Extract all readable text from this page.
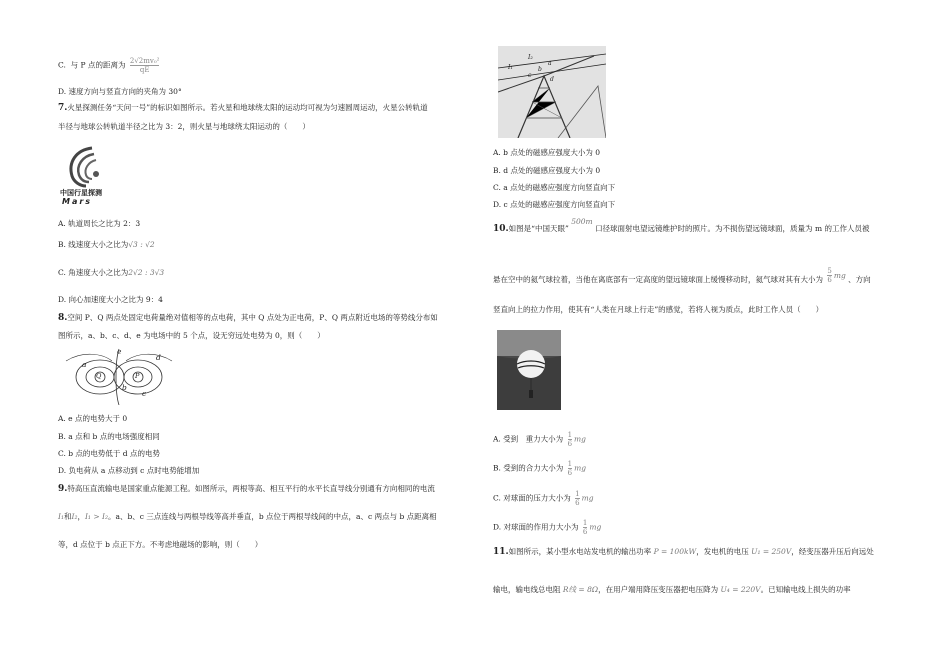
C. 与 P 点的距离为 $\frac{\text{2√2mv₀²}}{qE}$
D. 速度方向与竖直方向的夹角为 30°
7.火星探测任务“天问一号”的标识如图所示。若火星和地球绕太阳的运动均可视为匀速圆周运动，火星公转轨道
半径与地球公转轨道半径之比为 3：2，则火星与地球绕太阳运动的（　　）
中国行星探测
Mars
A. 轨道周长之比为 2：3
B. 线速度大小之比为√3 : √2
C. 角速度大小之比为2√2 : 3√3
D. 向心加速度大小之比为 9：4
8.空间 P、Q 两点处固定电荷量绝对值相等的点电荷，其中 Q 点处为正电荷，P、Q 两点附近电场的等势线分布如
图所示，a、b、c、d、e 为电场中的 5 个点，设无穷远处电势为 0，则（　　）
e
a
Q	P
b
d
c
A. e 点的电势大于 0
B. a 点和 b 点的电场强度相同
C. b 点的电势低于 d 点的电势
D. 负电荷从 a 点移动到 c 点时电势能增加
9.特高压直流输电是国家重点能源工程。如图所示，两根等高、相互平行的水平长直导线分别通有方向相同的电流
I₁和I₂，I₁ > I₂。a、b、c 三点连线与两根导线等高并垂直，b 点位于两根导线间的中点，a、c 两点与 b 点距离相
等，d 点位于 b 点正下方。不考虑地磁场的影响，则（　　）
I₁
I₂
a
b
c
d
A. b 点处的磁感应强度大小为 0
B. d 点处的磁感应强度大小为 0
C. a 点处的磁感应强度方向竖直向下
D. c 点处的磁感应强度方向竖直向下
10.如图是“中国天眼” 500m 口径球面射电望远镜维护时的照片。为不损伤望远镜球面，质量为 m 的工作人员被
悬在空中的氦气球拉着，当他在离底部有一定高度的望远镜球面上缓慢移动时，氦气球对其有大小为 $\frac{5}{6}$ mg 、方向
竖直向上的拉力作用，使其有“人类在月球上行走”的感觉，若将人视为质点，此时工作人员（　　）
A. 受到　重力大小为 $\frac{1}{6}$ mg
B. 受到的合力大小为 $\frac{1}{6}$ mg
C. 对球面的压力大小为 $\frac{1}{6}$ mg
D. 对球面的作用力大小为 $\frac{1}{6}$ mg
11.如图所示，某小型水电站发电机的输出功率 P = 100kW，发电机的电压 U₁ = 250V，经变压器升压后向远处
输电，输电线总电阻 R线 = 8Ω，在用户端用降压变压器把电压降为 U₄ = 220V。已知输电线上损失的功率
